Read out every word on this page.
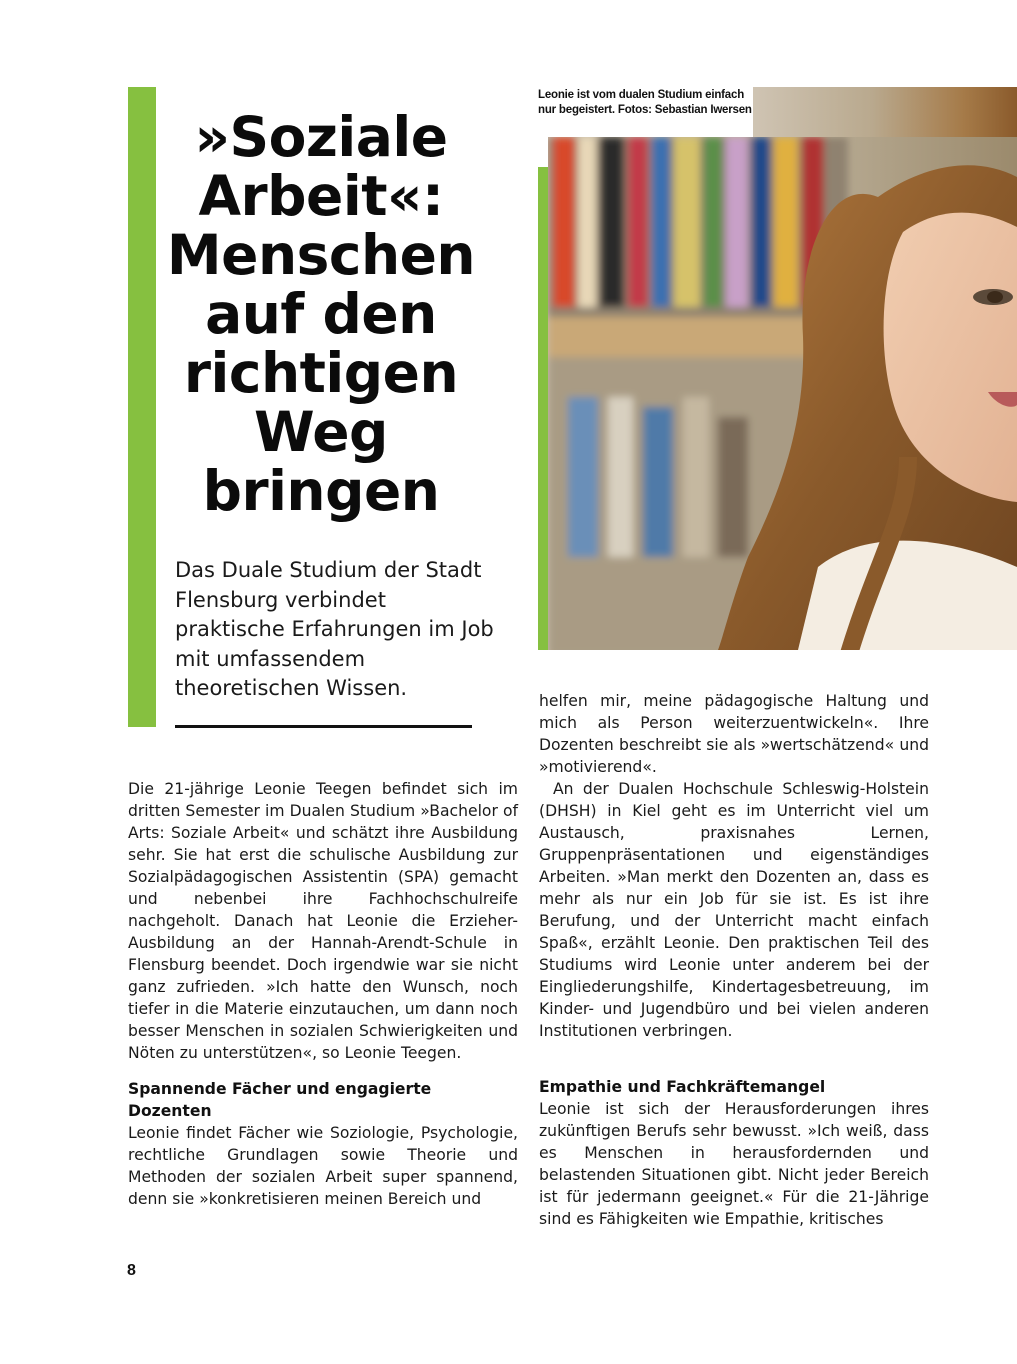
»Soziale Arbeit«: Menschen auf den richtigen Weg bringen

Das Duale Studium der Stadt Flensburg verbindet praktische Erfahrungen im Job mit umfassendem theoretischen Wissen.

Leonie ist vom dualen Studium einfach nur begeistert. Fotos: Sebastian Iwersen

Die 21-jährige Leonie Teegen befindet sich im dritten Semester im Dualen Studium »Bachelor of Arts: Soziale Arbeit« und schätzt ihre Ausbildung sehr. Sie hat erst die schulische Ausbildung zur Sozialpädagogischen Assistentin (SPA) gemacht und nebenbei ihre Fachhochschulreife nachgeholt. Danach hat Leonie die Erzieher-Ausbildung an der Hannah-Arendt-Schule in Flensburg beendet. Doch irgendwie war sie nicht ganz zufrieden. »Ich hatte den Wunsch, noch tiefer in die Materie einzutauchen, um dann noch besser Menschen in sozialen Schwierigkeiten und Nöten zu unterstützen«, so Leonie Teegen.

Spannende Fächer und engagierte Dozenten

Leonie findet Fächer wie Soziologie, Psychologie, rechtliche Grundlagen sowie Theorie und Methoden der sozialen Arbeit super spannend, denn sie »konkretisieren meinen Bereich und

helfen mir, meine pädagogische Haltung und mich als Person weiterzuentwickeln«. Ihre Dozenten beschreibt sie als »wertschätzend« und »motivierend«.

An der Dualen Hochschule Schleswig-Holstein (DHSH) in Kiel geht es im Unterricht viel um Austausch, praxisnahes Lernen, Gruppenpräsentationen und eigenständiges Arbeiten. »Man merkt den Dozenten an, dass es mehr als nur ein Job für sie ist. Es ist ihre Berufung, und der Unterricht macht einfach Spaß«, erzählt Leonie. Den praktischen Teil des Studiums wird Leonie unter anderem bei der Eingliederungshilfe, Kindertagesbetreuung, im Kinder- und Jugendbüro und bei vielen anderen Institutionen verbringen.

Empathie und Fachkräftemangel

Leonie ist sich der Herausforderungen ihres zukünftigen Berufs sehr bewusst. »Ich weiß, dass es Menschen in herausfordernden und belastenden Situationen gibt. Nicht jeder Bereich ist für jedermann geeignet.« Für die 21-Jährige sind es Fähigkeiten wie Empathie, kritisches

8
